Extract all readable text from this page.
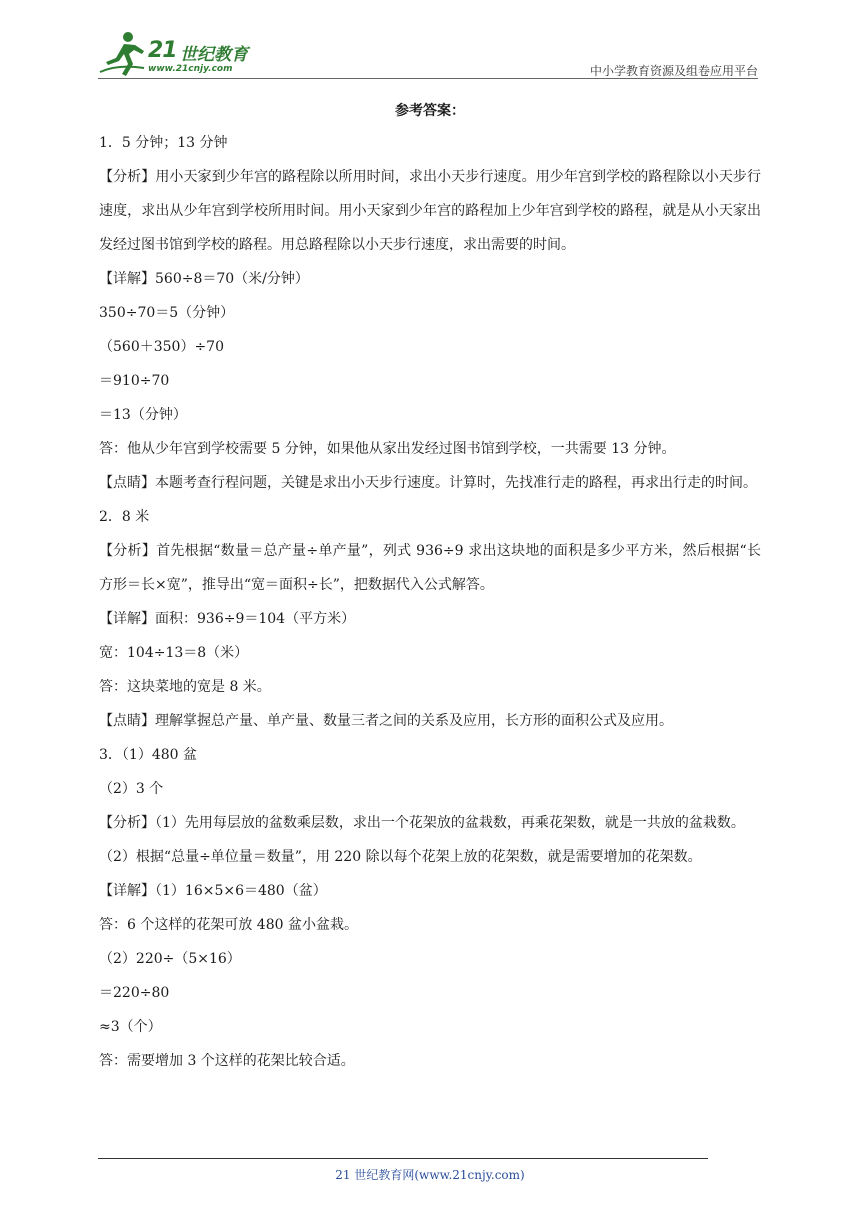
21 世纪教育
www.21cnjy.com	中小学教育资源及组卷应用平台
参考答案：
1．5 分钟；13 分钟
【分析】用小天家到少年宫的路程除以所用时间，求出小天步行速度。用少年宫到学校的路程除以小天步行速度，求出从少年宫到学校所用时间。用小天家到少年宫的路程加上少年宫到学校的路程，就是从小天家出发经过图书馆到学校的路程。用总路程除以小天步行速度，求出需要的时间。
【详解】560÷8＝70（米/分钟）
350÷70＝5（分钟）
（560＋350）÷70
＝910÷70
＝13（分钟）
答：他从少年宫到学校需要 5 分钟，如果他从家出发经过图书馆到学校，一共需要 13 分钟。
【点睛】本题考查行程问题，关键是求出小天步行速度。计算时，先找准行走的路程，再求出行走的时间。
2．8 米
【分析】首先根据“数量＝总产量÷单产量”，列式 936÷9 求出这块地的面积是多少平方米，然后根据“长方形＝长×宽”，推导出“宽＝面积÷长”，把数据代入公式解答。
【详解】面积：936÷9＝104（平方米）
宽：104÷13＝8（米）
答：这块菜地的宽是 8 米。
【点睛】理解掌握总产量、单产量、数量三者之间的关系及应用，长方形的面积公式及应用。
3．（1）480 盆
（2）3 个
【分析】（1）先用每层放的盆数乘层数，求出一个花架放的盆栽数，再乘花架数，就是一共放的盆栽数。
（2）根据“总量÷单位量＝数量”，用 220 除以每个花架上放的花架数，就是需要增加的花架数。
【详解】（1）16×5×6＝480（盆）
答：6 个这样的花架可放 480 盆小盆栽。
（2）220÷（5×16）
＝220÷80
≈3（个）
答：需要增加 3 个这样的花架比较合适。
21 世纪教育网(www.21cnjy.com)
